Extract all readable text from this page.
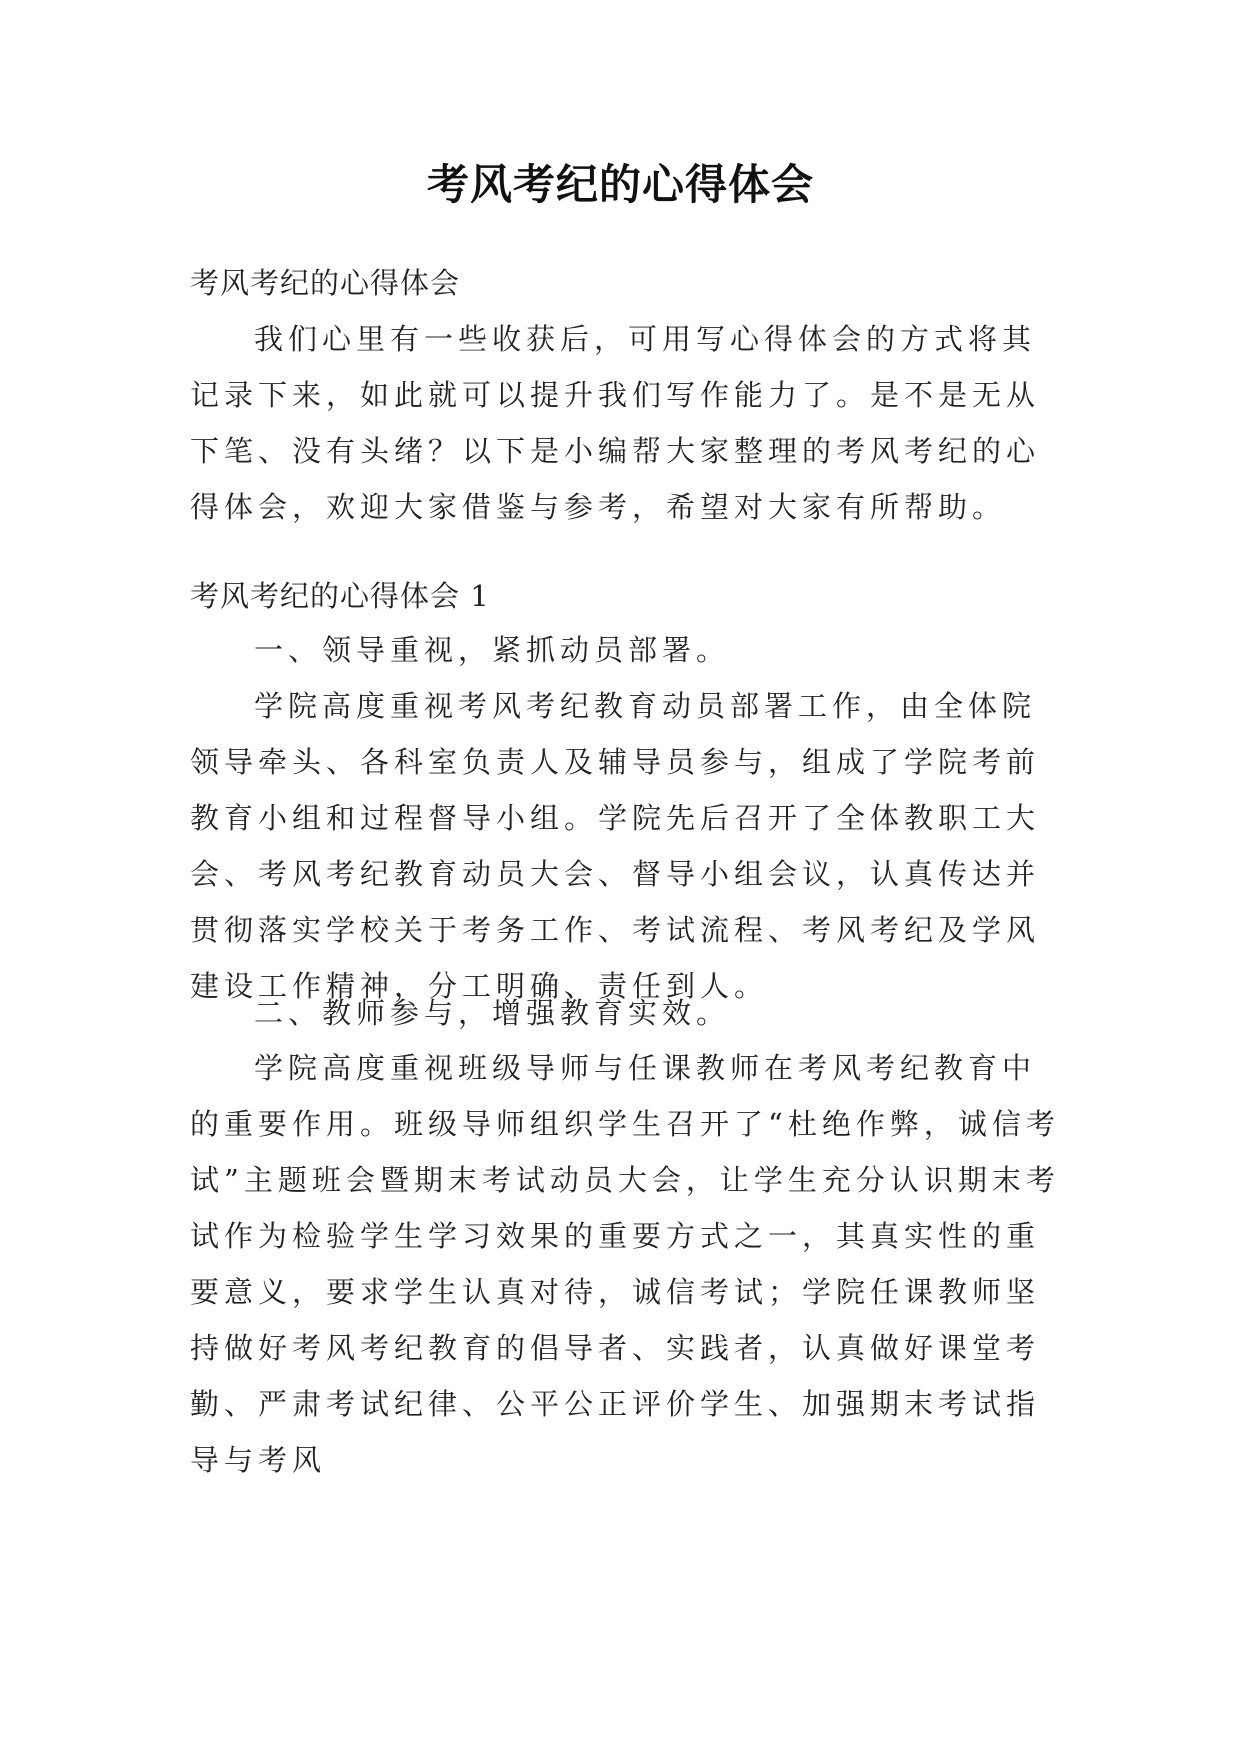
考风考纪的心得体会
考风考纪的心得体会

我们心里有一些收获后，可用写心得体会的方式将其记录下来，如此就可以提升我们写作能力了。是不是无从下笔、没有头绪？以下是小编帮大家整理的考风考纪的心得体会，欢迎大家借鉴与参考，希望对大家有所帮助。

考风考纪的心得体会 1

一、领导重视，紧抓动员部署。

学院高度重视考风考纪教育动员部署工作，由全体院领导牵头、各科室负责人及辅导员参与，组成了学院考前教育小组和过程督导小组。学院先后召开了全体教职工大会、考风考纪教育动员大会、督导小组会议，认真传达并贯彻落实学校关于考务工作、考试流程、考风考纪及学风建设工作精神，分工明确、责任到人。

二、教师参与，增强教育实效。

学院高度重视班级导师与任课教师在考风考纪教育中的重要作用。班级导师组织学生召开了“杜绝作弊，诚信考试”主题班会暨期末考试动员大会，让学生充分认识期末考试作为检验学生学习效果的重要方式之一，其真实性的重要意义，要求学生认真对待，诚信考试；学院任课教师坚持做好考风考纪教育的倡导者、实践者，认真做好课堂考勤、严肃考试纪律、公平公正评价学生、加强期末考试指导与考风
